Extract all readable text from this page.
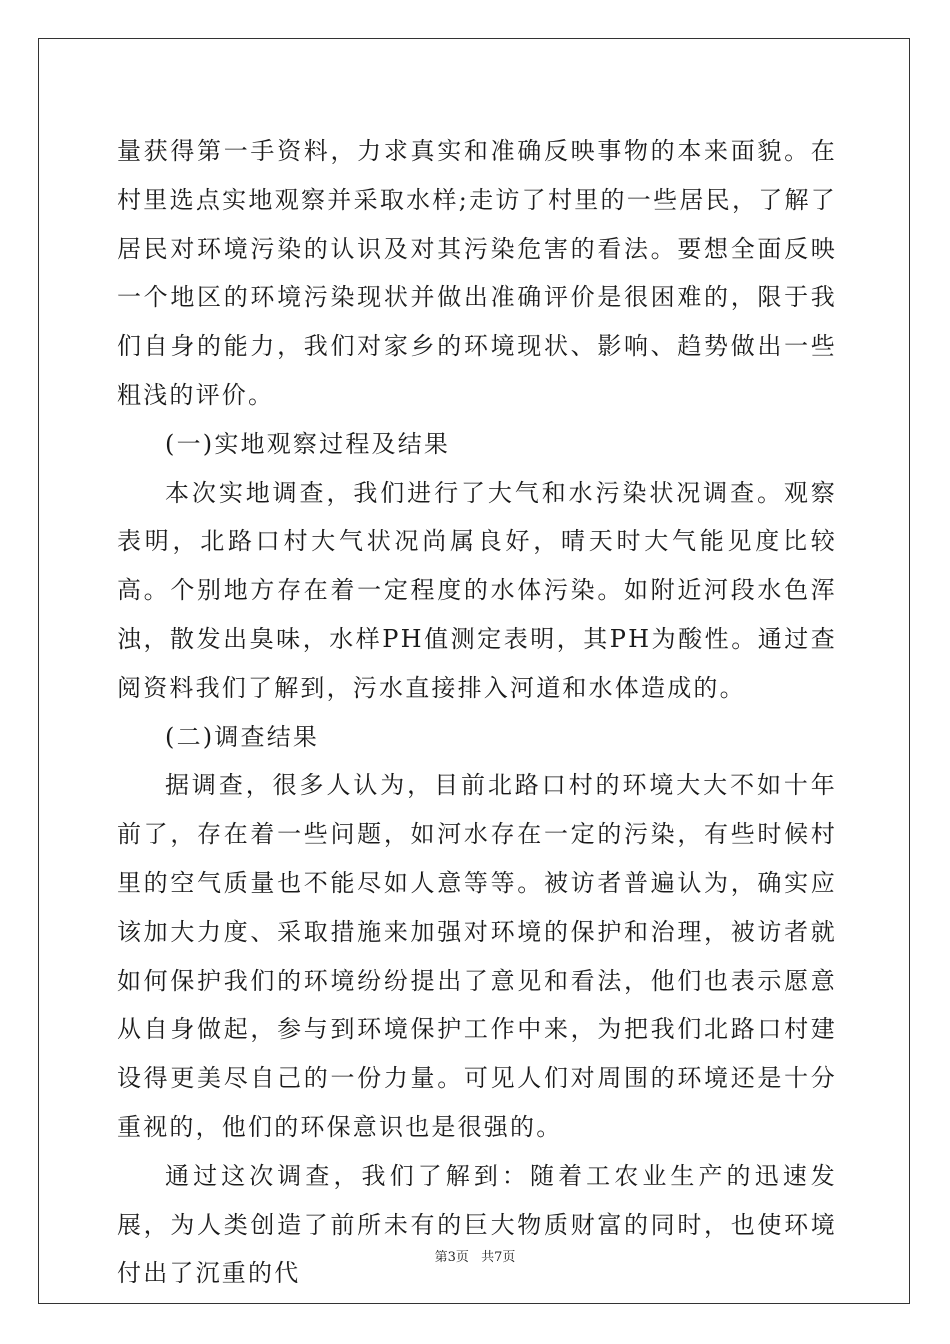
量获得第一手资料，力求真实和准确反映事物的本来面貌。在村里选点实地观察并采取水样;走访了村里的一些居民，了解了居民对环境污染的认识及对其污染危害的看法。要想全面反映一个地区的环境污染现状并做出准确评价是很困难的，限于我们自身的能力，我们对家乡的环境现状、影响、趋势做出一些粗浅的评价。

(一)实地观察过程及结果

本次实地调查，我们进行了大气和水污染状况调查。观察表明，北路口村大气状况尚属良好，晴天时大气能见度比较高。个别地方存在着一定程度的水体污染。如附近河段水色浑浊，散发出臭味，水样PH值测定表明，其PH为酸性。通过查阅资料我们了解到，污水直接排入河道和水体造成的。

(二)调查结果

据调查，很多人认为，目前北路口村的环境大大不如十年前了，存在着一些问题，如河水存在一定的污染，有些时候村里的空气质量也不能尽如人意等等。被访者普遍认为，确实应该加大力度、采取措施来加强对环境的保护和治理，被访者就如何保护我们的环境纷纷提出了意见和看法，他们也表示愿意从自身做起，参与到环境保护工作中来，为把我们北路口村建设得更美尽自己的一份力量。可见人们对周围的环境还是十分重视的，他们的环保意识也是很强的。

通过这次调查，我们了解到：随着工农业生产的迅速发展，为人类创造了前所未有的巨大物质财富的同时，也使环境付出了沉重的代

第3页 共7页
